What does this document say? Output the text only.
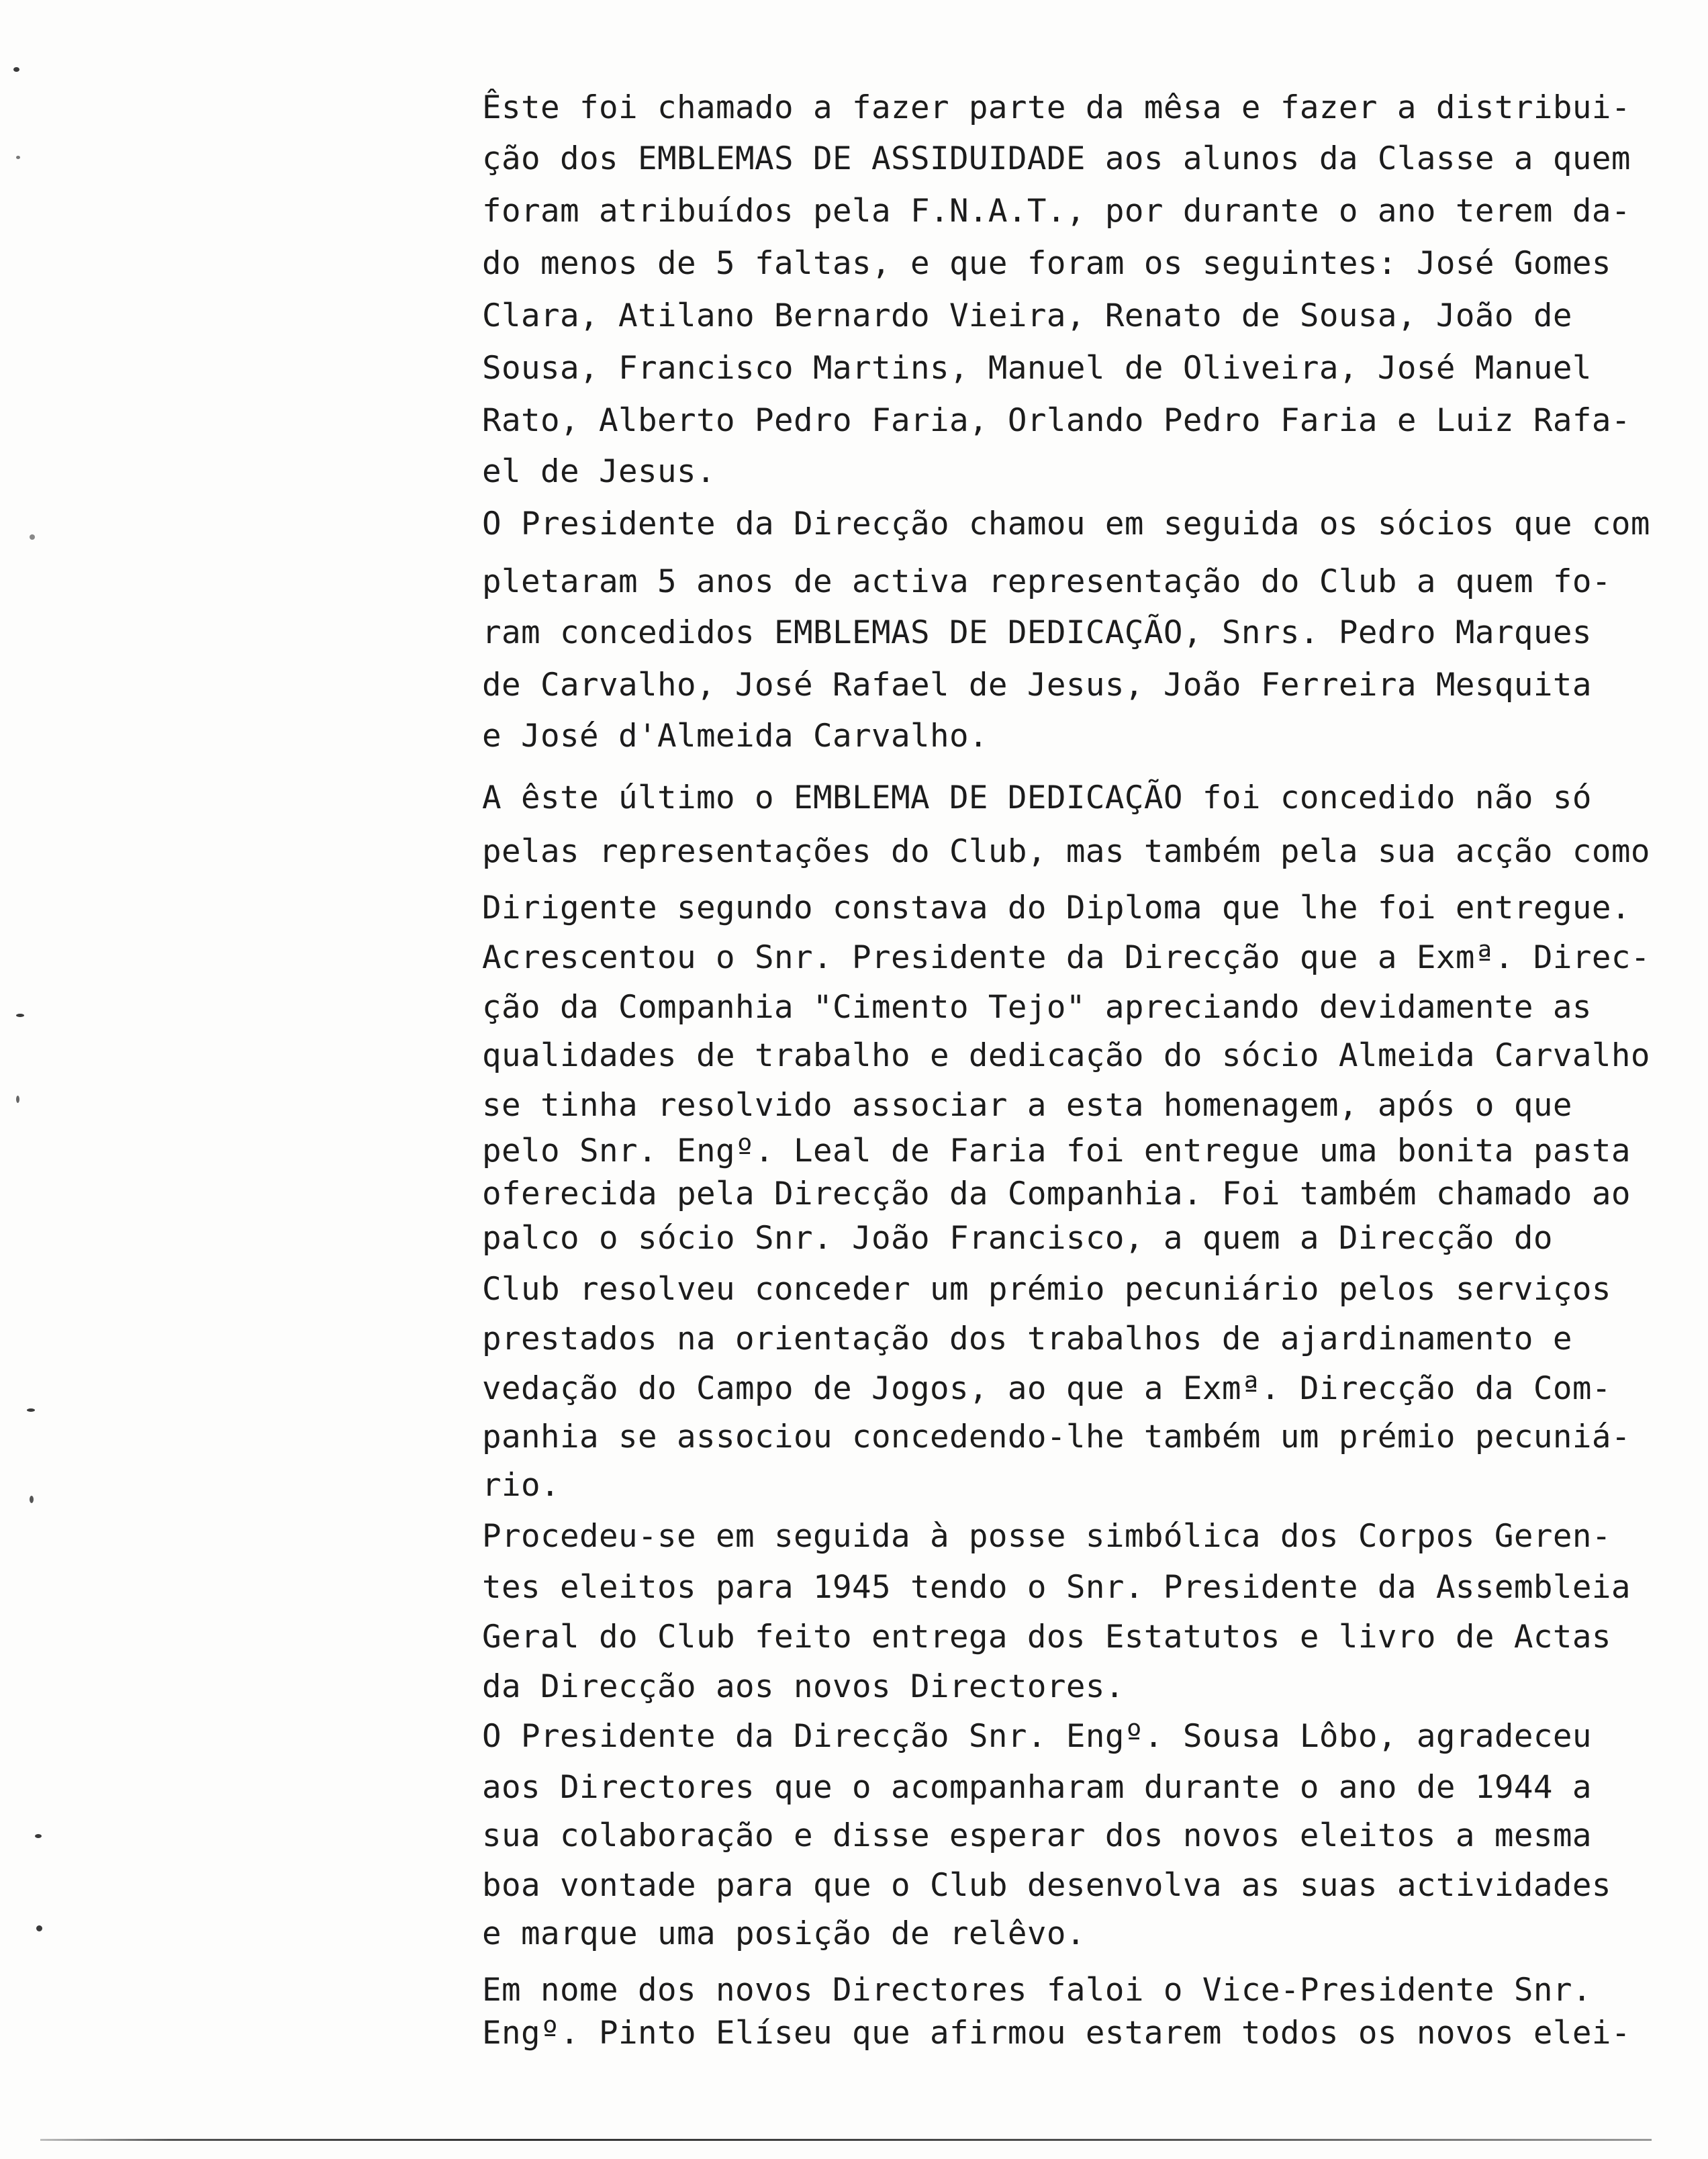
Êste foi chamado a fazer parte da mêsa e fazer a distribui-
ção dos EMBLEMAS DE ASSIDUIDADE aos alunos da Classe a quem
foram atribuídos pela F.N.A.T., por durante o ano terem da-
do menos de 5 faltas, e que foram os seguintes: José Gomes
Clara, Atilano Bernardo Vieira, Renato de Sousa, João de
Sousa, Francisco Martins, Manuel de Oliveira, José Manuel
Rato, Alberto Pedro Faria, Orlando Pedro Faria e Luiz Rafa-
el de Jesus.
O Presidente da Direcção chamou em seguida os sócios que com
pletaram 5 anos de activa representação do Club a quem fo-
ram concedidos EMBLEMAS DE DEDICAÇÃO, Snrs. Pedro Marques
de Carvalho, José Rafael de Jesus, João Ferreira Mesquita
e José d'Almeida Carvalho.
A êste último o EMBLEMA DE DEDICAÇÃO foi concedido não só
pelas representações do Club, mas também pela sua acção como
Dirigente segundo constava do Diploma que lhe foi entregue.
Acrescentou o Snr. Presidente da Direcção que a Exmª. Direc-
ção da Companhia "Cimento Tejo" apreciando devidamente as
qualidades de trabalho e dedicação do sócio Almeida Carvalho
se tinha resolvido associar a esta homenagem, após o que
pelo Snr. Engº. Leal de Faria foi entregue uma bonita pasta
oferecida pela Direcção da Companhia. Foi também chamado ao
palco o sócio Snr. João Francisco, a quem a Direcção do
Club resolveu conceder um prémio pecuniário pelos serviços
prestados na orientação dos trabalhos de ajardinamento e
vedação do Campo de Jogos, ao que a Exmª. Direcção da Com-
panhia se associou concedendo-lhe também um prémio pecuniá-
rio.
Procedeu-se em seguida à posse simbólica dos Corpos Geren-
tes eleitos para 1945 tendo o Snr. Presidente da Assembleia
Geral do Club feito entrega dos Estatutos e livro de Actas
da Direcção aos novos Directores.
O Presidente da Direcção Snr. Engº. Sousa Lôbo, agradeceu
aos Directores que o acompanharam durante o ano de 1944 a
sua colaboração e disse esperar dos novos eleitos a mesma
boa vontade para que o Club desenvolva as suas actividades
e marque uma posição de relêvo.
Em nome dos novos Directores faloi o Vice-Presidente Snr.
Engº. Pinto Elíseu que afirmou estarem todos os novos elei-
